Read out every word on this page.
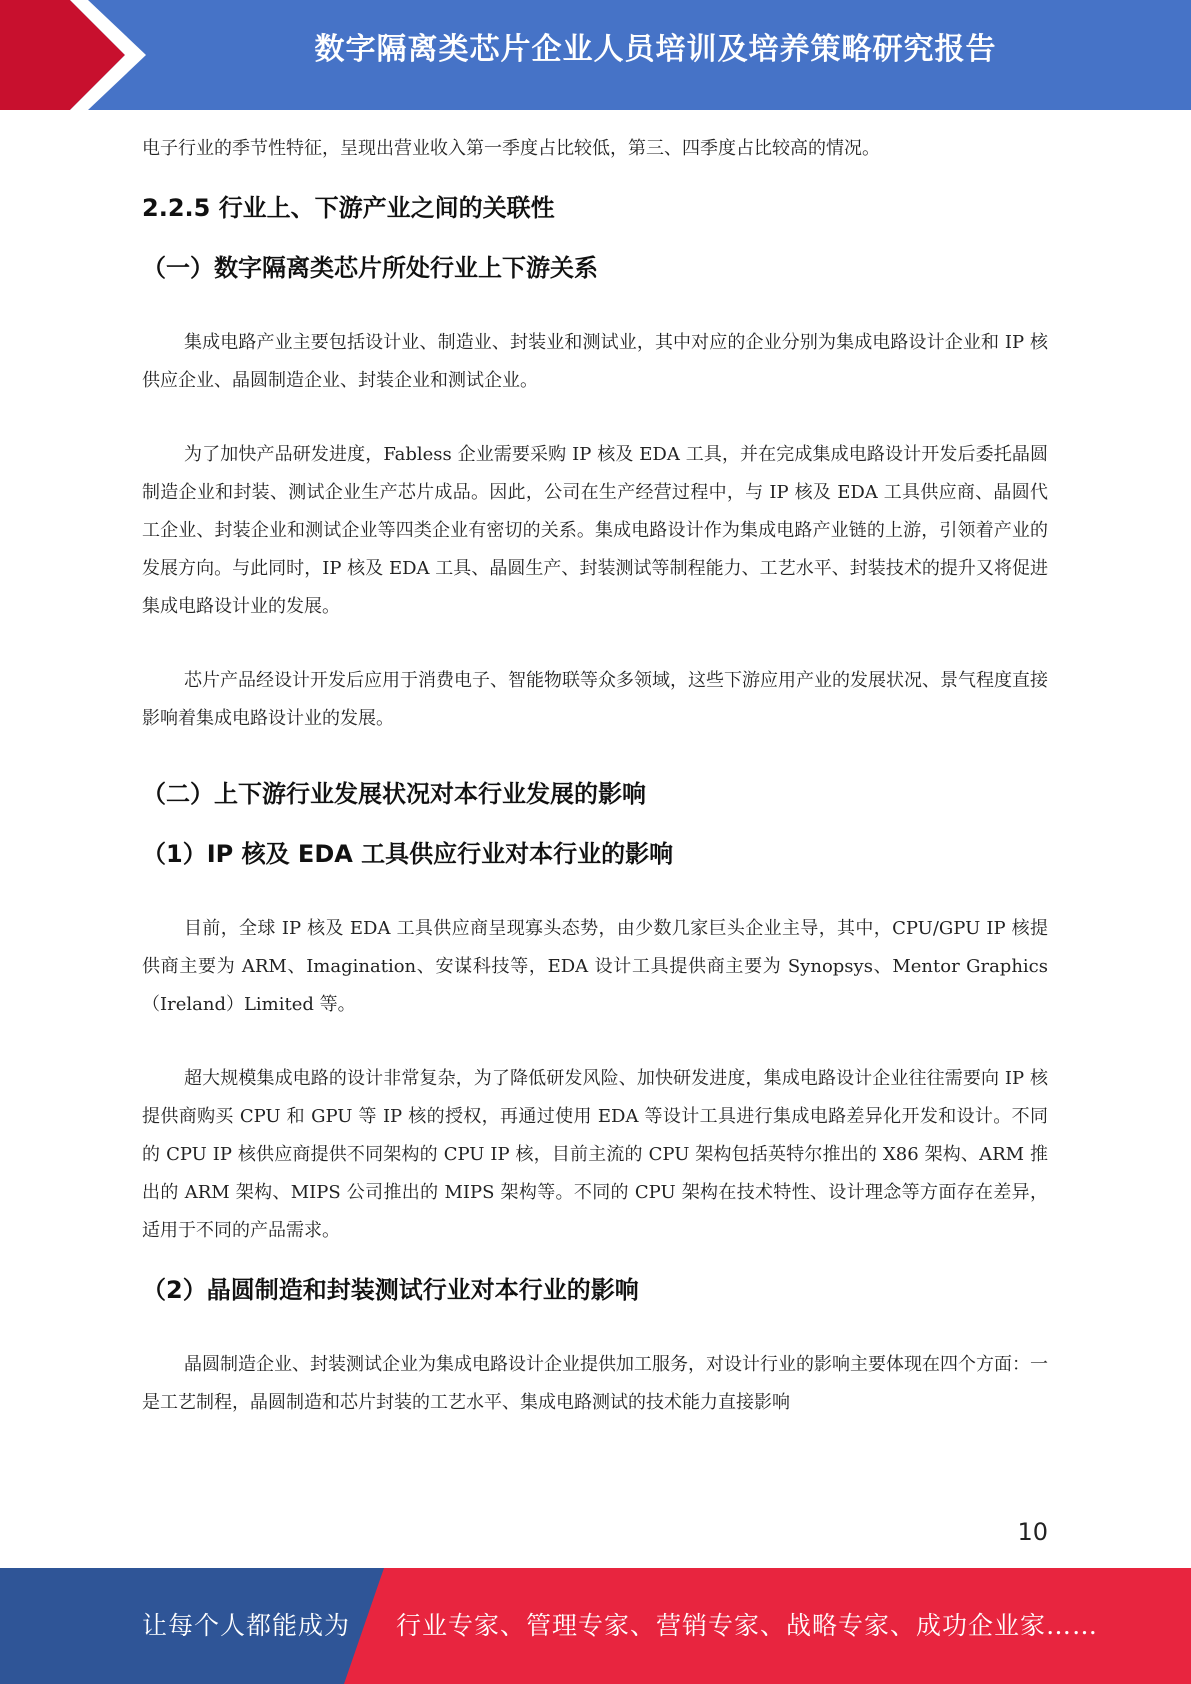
数字隔离类芯片企业人员培训及培养策略研究报告

电子行业的季节性特征，呈现出营业收入第一季度占比较低，第三、四季度占比较高的情况。

2.2.5 行业上、下游产业之间的关联性
（一）数字隔离类芯片所处行业上下游关系

集成电路产业主要包括设计业、制造业、封装业和测试业，其中对应的企业分别为集成电路设计企业和 IP 核供应企业、晶圆制造企业、封装企业和测试企业。

为了加快产品研发进度，Fabless 企业需要采购 IP 核及 EDA 工具，并在完成集成电路设计开发后委托晶圆制造企业和封装、测试企业生产芯片成品。因此，公司在生产经营过程中，与 IP 核及 EDA 工具供应商、晶圆代工企业、封装企业和测试企业等四类企业有密切的关系。集成电路设计作为集成电路产业链的上游，引领着产业的发展方向。与此同时，IP 核及 EDA 工具、晶圆生产、封装测试等制程能力、工艺水平、封装技术的提升又将促进集成电路设计业的发展。

芯片产品经设计开发后应用于消费电子、智能物联等众多领域，这些下游应用产业的发展状况、景气程度直接影响着集成电路设计业的发展。

（二）上下游行业发展状况对本行业发展的影响
（1）IP 核及 EDA 工具供应行业对本行业的影响

目前，全球 IP 核及 EDA 工具供应商呈现寡头态势，由少数几家巨头企业主导，其中，CPU/GPU IP 核提供商主要为 ARM、Imagination、安谋科技等，EDA 设计工具提供商主要为 Synopsys、Mentor Graphics（Ireland）Limited 等。

超大规模集成电路的设计非常复杂，为了降低研发风险、加快研发进度，集成电路设计企业往往需要向 IP 核提供商购买 CPU 和 GPU 等 IP 核的授权，再通过使用 EDA 等设计工具进行集成电路差异化开发和设计。不同的 CPU IP 核供应商提供不同架构的 CPU IP 核，目前主流的 CPU 架构包括英特尔推出的 X86 架构、ARM 推出的 ARM 架构、MIPS 公司推出的 MIPS 架构等。不同的 CPU 架构在技术特性、设计理念等方面存在差异，适用于不同的产品需求。

（2）晶圆制造和封装测试行业对本行业的影响

晶圆制造企业、封装测试企业为集成电路设计企业提供加工服务，对设计行业的影响主要体现在四个方面：一是工艺制程，晶圆制造和芯片封装的工艺水平、集成电路测试的技术能力直接影响

10
让每个人都能成为 行业专家、管理专家、营销专家、战略专家、成功企业家……
